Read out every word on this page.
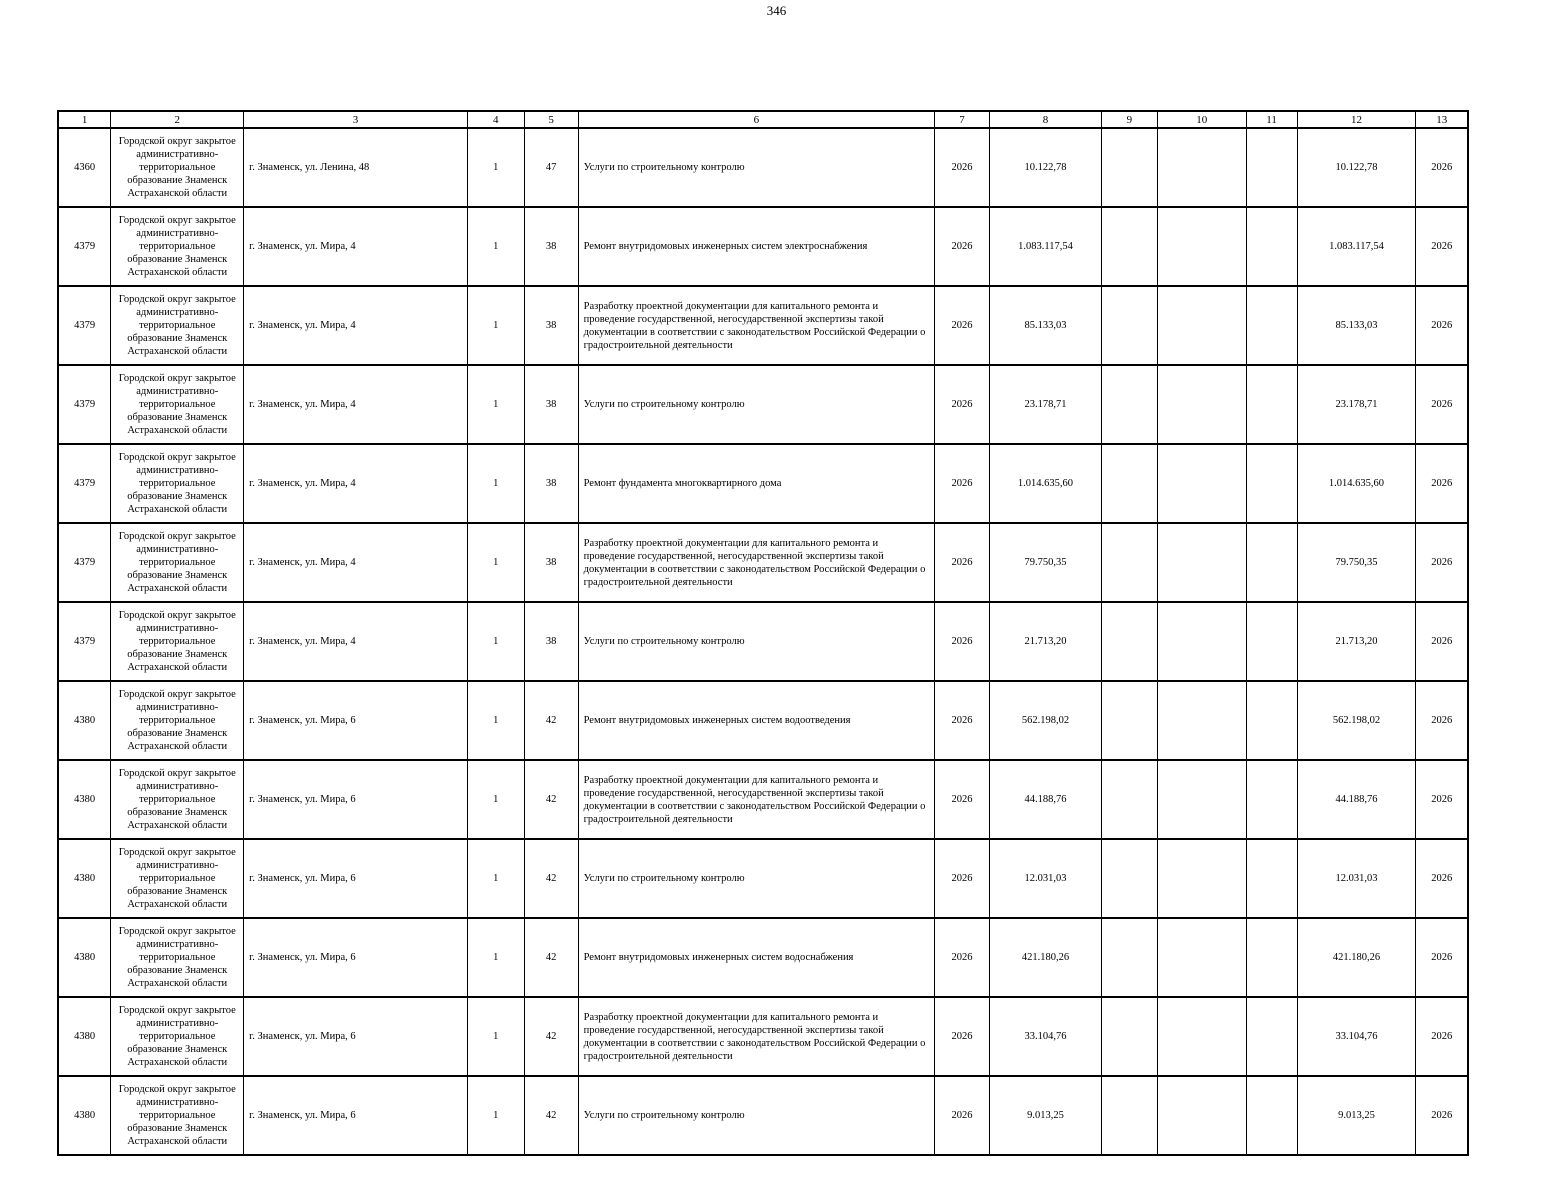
346
1	2	3	4	5	6	7	8	9	10	11	12	13
4360	Городской округ закрытое административно-территориальное образование Знаменск Астраханской области	г. Знаменск, ул. Ленина, 48	1	47	Услуги по строительному контролю	2026	10.122,78				10.122,78	2026
4379	Городской округ закрытое административно-территориальное образование Знаменск Астраханской области	г. Знаменск, ул. Мира, 4	1	38	Ремонт внутридомовых инженерных систем электроснабжения	2026	1.083.117,54				1.083.117,54	2026
4379	Городской округ закрытое административно-территориальное образование Знаменск Астраханской области	г. Знаменск, ул. Мира, 4	1	38	Разработку проектной документации для капитального ремонта и проведение государственной, негосударственной экспертизы такой документации в соответствии с законодательством Российской Федерации о градостроительной деятельности	2026	85.133,03				85.133,03	2026
4379	Городской округ закрытое административно-территориальное образование Знаменск Астраханской области	г. Знаменск, ул. Мира, 4	1	38	Услуги по строительному контролю	2026	23.178,71				23.178,71	2026
4379	Городской округ закрытое административно-территориальное образование Знаменск Астраханской области	г. Знаменск, ул. Мира, 4	1	38	Ремонт фундамента многоквартирного дома	2026	1.014.635,60				1.014.635,60	2026
4379	Городской округ закрытое административно-территориальное образование Знаменск Астраханской области	г. Знаменск, ул. Мира, 4	1	38	Разработку проектной документации для капитального ремонта и проведение государственной, негосударственной экспертизы такой документации в соответствии с законодательством Российской Федерации о градостроительной деятельности	2026	79.750,35				79.750,35	2026
4379	Городской округ закрытое административно-территориальное образование Знаменск Астраханской области	г. Знаменск, ул. Мира, 4	1	38	Услуги по строительному контролю	2026	21.713,20				21.713,20	2026
4380	Городской округ закрытое административно-территориальное образование Знаменск Астраханской области	г. Знаменск, ул. Мира, 6	1	42	Ремонт внутридомовых инженерных систем водоотведения	2026	562.198,02				562.198,02	2026
4380	Городской округ закрытое административно-территориальное образование Знаменск Астраханской области	г. Знаменск, ул. Мира, 6	1	42	Разработку проектной документации для капитального ремонта и проведение государственной, негосударственной экспертизы такой документации в соответствии с законодательством Российской Федерации о градостроительной деятельности	2026	44.188,76				44.188,76	2026
4380	Городской округ закрытое административно-территориальное образование Знаменск Астраханской области	г. Знаменск, ул. Мира, 6	1	42	Услуги по строительному контролю	2026	12.031,03				12.031,03	2026
4380	Городской округ закрытое административно-территориальное образование Знаменск Астраханской области	г. Знаменск, ул. Мира, 6	1	42	Ремонт внутридомовых инженерных систем водоснабжения	2026	421.180,26				421.180,26	2026
4380	Городской округ закрытое административно-территориальное образование Знаменск Астраханской области	г. Знаменск, ул. Мира, 6	1	42	Разработку проектной документации для капитального ремонта и проведение государственной, негосударственной экспертизы такой документации в соответствии с законодательством Российской Федерации о градостроительной деятельности	2026	33.104,76				33.104,76	2026
4380	Городской округ закрытое административно-территориальное образование Знаменск Астраханской области	г. Знаменск, ул. Мира, 6	1	42	Услуги по строительному контролю	2026	9.013,25				9.013,25	2026
